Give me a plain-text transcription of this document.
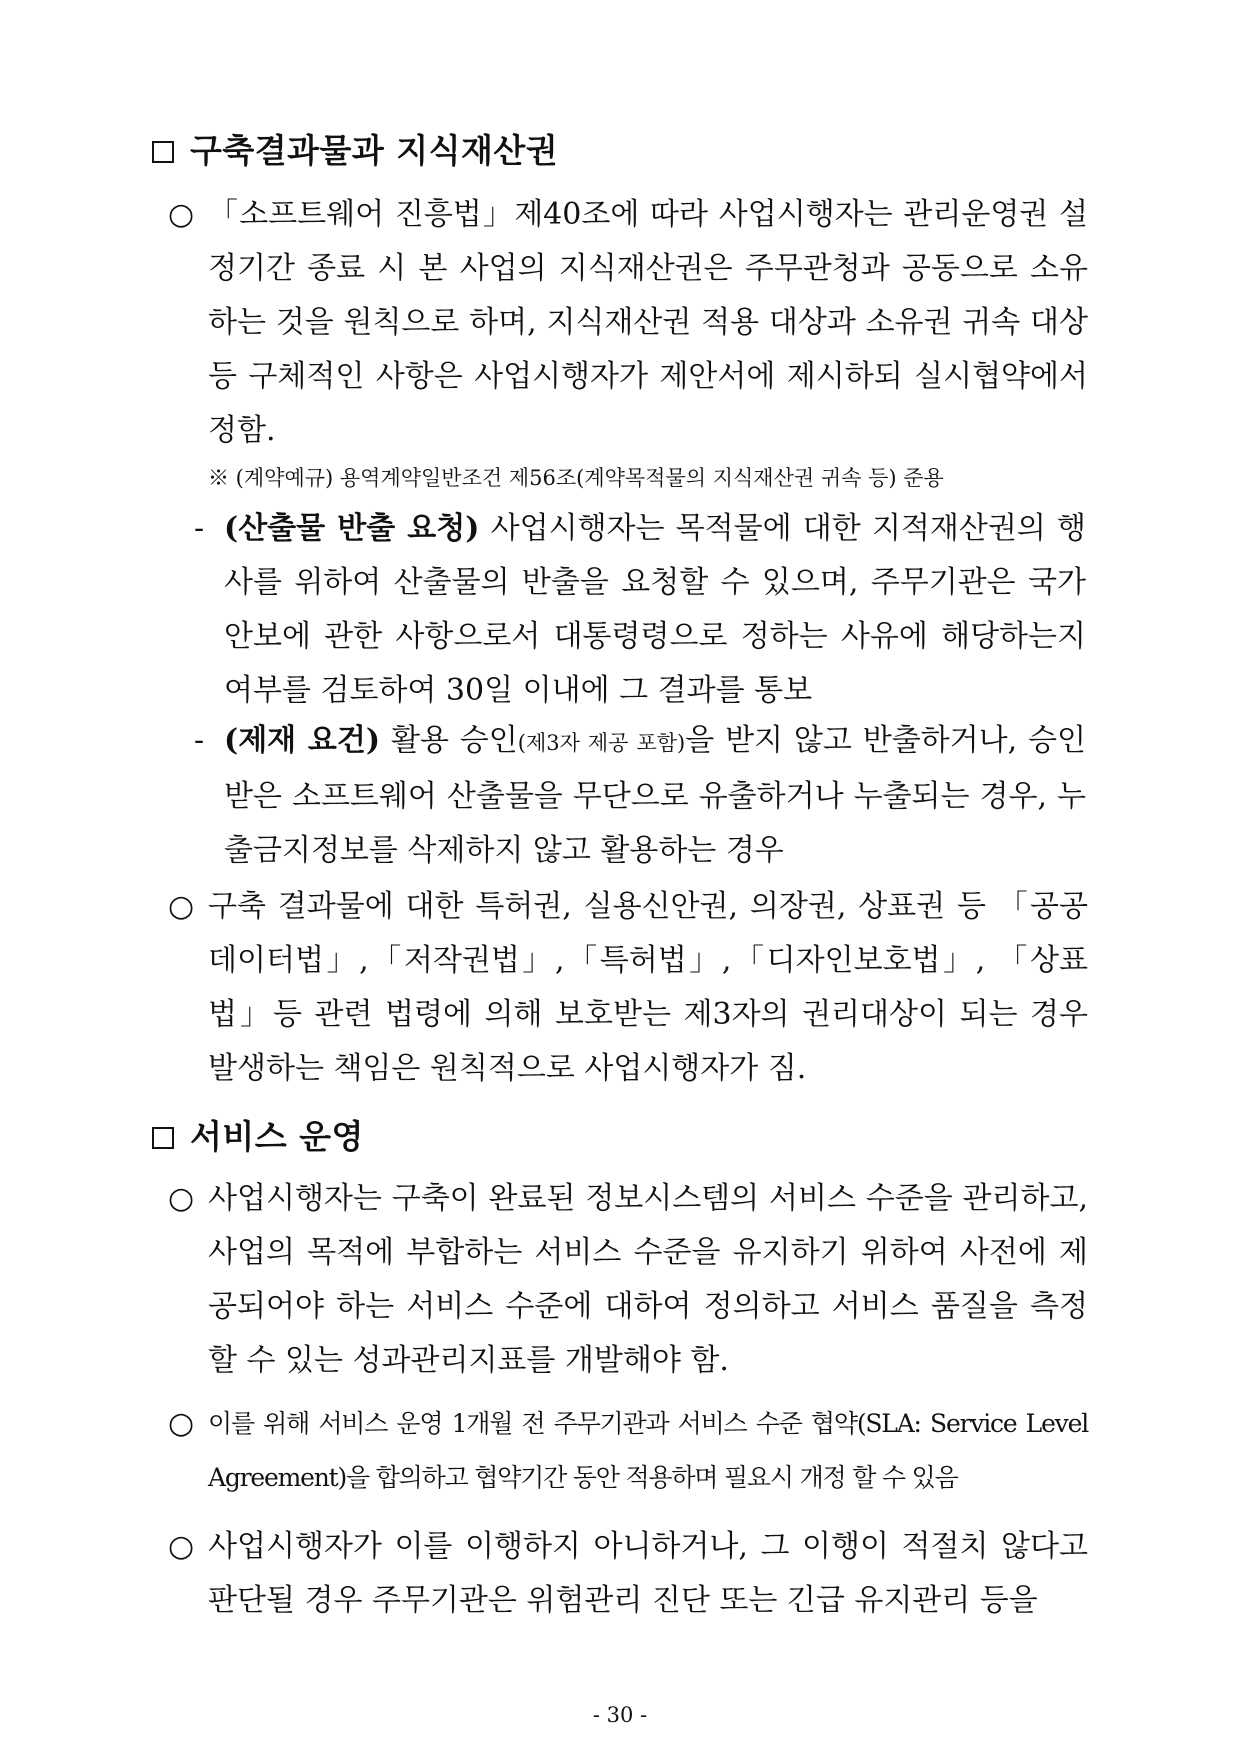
구축결과물과 지식재산권
○ 「소프트웨어 진흥법」제40조에 따라 사업시행자는 관리운영권 설정기간 종료 시 본 사업의 지식재산권은 주무관청과 공동으로 소유하는 것을 원칙으로 하며, 지식재산권 적용 대상과 소유권 귀속 대상 등 구체적인 사항은 사업시행자가 제안서에 제시하되 실시협약에서 정함.
※ (계약예규) 용역계약일반조건 제56조(계약목적물의 지식재산권 귀속 등) 준용
- (산출물 반출 요청) 사업시행자는 목적물에 대한 지적재산권의 행사를 위하여 산출물의 반출을 요청할 수 있으며, 주무기관은 국가 안보에 관한 사항으로서 대통령령으로 정하는 사유에 해당하는지 여부를 검토하여 30일 이내에 그 결과를 통보
- (제재 요건) 활용 승인(제3자 제공 포함)을 받지 않고 반출하거나, 승인 받은 소프트웨어 산출물을 무단으로 유출하거나 누출되는 경우, 누출금지정보를 삭제하지 않고 활용하는 경우
○ 구축 결과물에 대한 특허권, 실용신안권, 의장권, 상표권 등 「공공데이터법」,「저작권법」,「특허법」,「디자인보호법」, 「상표법」등 관련 법령에 의해 보호받는 제3자의 권리대상이 되는 경우 발생하는 책임은 원칙적으로 사업시행자가 짐.
서비스 운영
○ 사업시행자는 구축이 완료된 정보시스템의 서비스 수준을 관리하고, 사업의 목적에 부합하는 서비스 수준을 유지하기 위하여 사전에 제공되어야 하는 서비스 수준에 대하여 정의하고 서비스 품질을 측정할 수 있는 성과관리지표를 개발해야 함.
○ 이를 위해 서비스 운영 1개월 전 주무기관과 서비스 수준 협약(SLA: Service Level Agreement)을 합의하고 협약기간 동안 적용하며 필요시 개정 할 수 있음
○ 사업시행자가 이를 이행하지 아니하거나, 그 이행이 적절치 않다고 판단될 경우 주무기관은 위험관리 진단 또는 긴급 유지관리 등을
- 30 -
